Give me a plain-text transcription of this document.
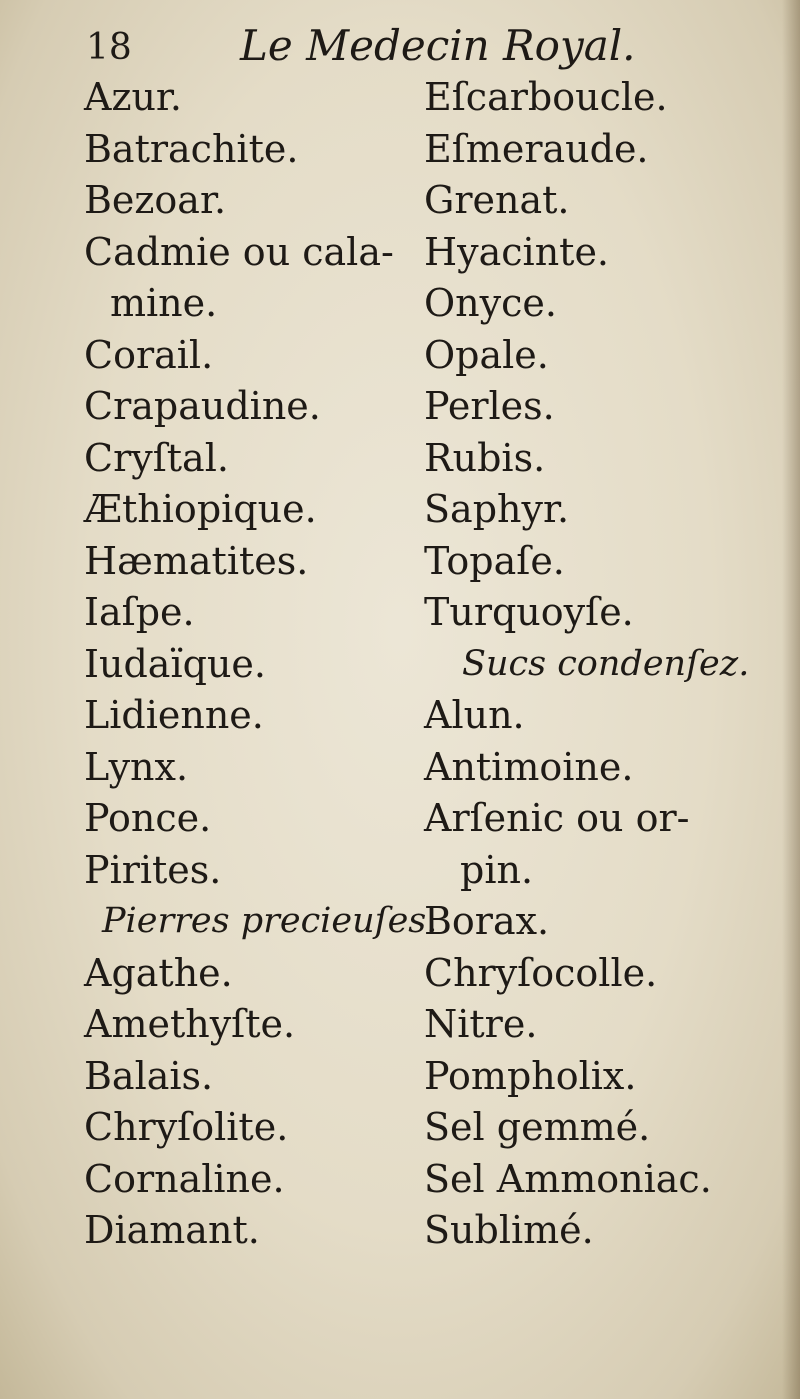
18	Le Medecin Royal.
Azur.
Batrachite.
Bezoar.
Cadmie ou cala-
mine.
Corail.
Crapaudine.
Cryſtal.
Æthiopique.
Hæmatites.
Iaſpe.
Iudaïque.
Lidienne.
Lynx.
Ponce.
Pirites.
Pierres precieuſes.
Agathe.
Amethyſte.
Balais.
Chryſolite.
Cornaline.
Diamant.
Eſcarboucle.
Eſmeraude.
Grenat.
Hyacinte.
Onyce.
Opale.
Perles.
Rubis.
Saphyr.
Topaſe.
Turquoyſe.
Sucs condenſez.
Alun.
Antimoine.
Arſenic ou or-
pin.
Borax.
Chryſocolle.
Nitre.
Pompholix.
Sel gemmé.
Sel Ammoniac.
Sublimé.
